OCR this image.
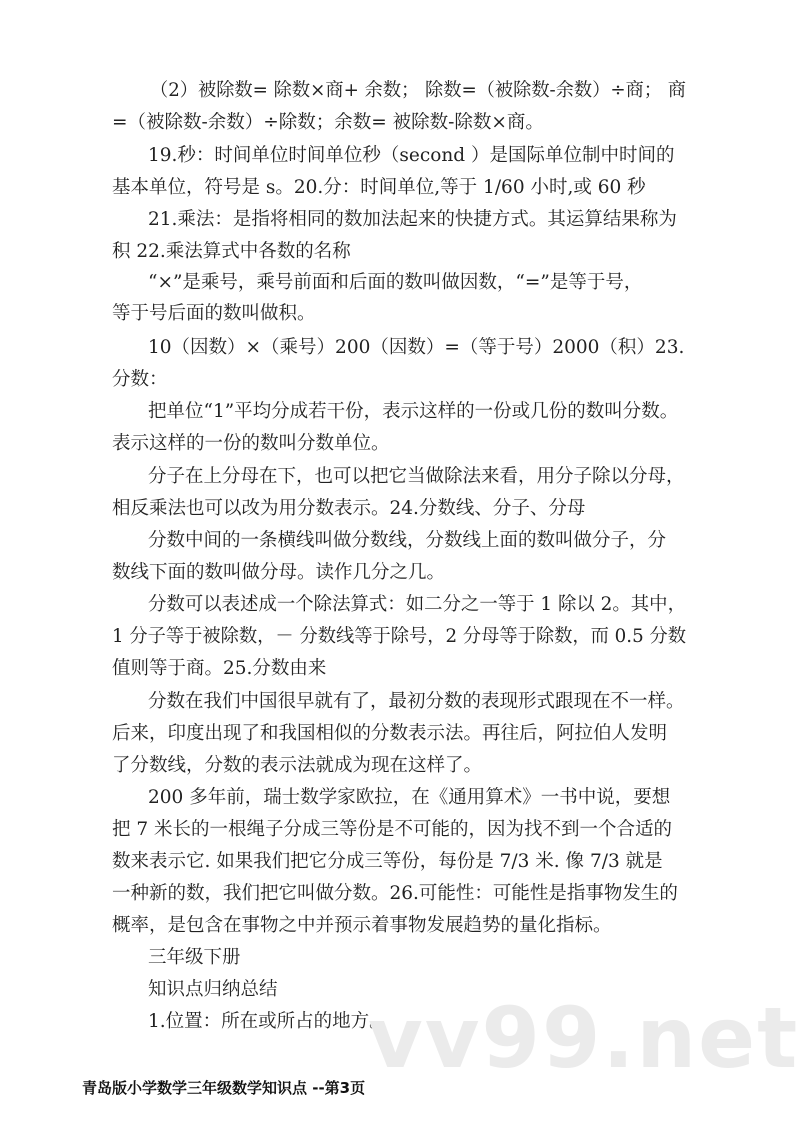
（2）被除数= 除数×商+ 余数； 除数=（被除数-余数）÷商； 商
=（被除数-余数）÷除数；余数= 被除数-除数×商。
19.秒：时间单位时间单位秒（second ）是国际单位制中时间的
基本单位，符号是 s。20.分：时间单位,等于 1/60 小时,或 60 秒
21.乘法：是指将相同的数加法起来的快捷方式。其运算结果称为
积 22.乘法算式中各数的名称
“×”是乘号，乘号前面和后面的数叫做因数，“=”是等于号，
等于号后面的数叫做积。
10（因数）×（乘号）200（因数）=（等于号）2000（积）23.
分数：
把单位“1”平均分成若干份，表示这样的一份或几份的数叫分数。
表示这样的一份的数叫分数单位。
分子在上分母在下，也可以把它当做除法来看，用分子除以分母，
相反乘法也可以改为用分数表示。24.分数线、分子、分母
分数中间的一条横线叫做分数线，分数线上面的数叫做分子，分
数线下面的数叫做分母。读作几分之几。
分数可以表述成一个除法算式：如二分之一等于 1 除以 2。其中，
1 分子等于被除数，－ 分数线等于除号，2 分母等于除数，而 0.5 分数
值则等于商。25.分数由来
分数在我们中国很早就有了，最初分数的表现形式跟现在不一样。
后来，印度出现了和我国相似的分数表示法。再往后，阿拉伯人发明
了分数线，分数的表示法就成为现在这样了。
200 多年前，瑞士数学家欧拉，在《通用算术》一书中说，要想
把 7 米长的一根绳子分成三等份是不可能的，因为找不到一个合适的
数来表示它. 如果我们把它分成三等份，每份是 7/3 米. 像 7/3 就是
一种新的数，我们把它叫做分数。26.可能性：可能性是指事物发生的
概率，是包含在事物之中并预示着事物发展趋势的量化指标。
三年级下册
知识点归纳总结
1.位置：所在或所占的地方。
vv99.net
青岛版小学数学三年级数学知识点 --第3页
